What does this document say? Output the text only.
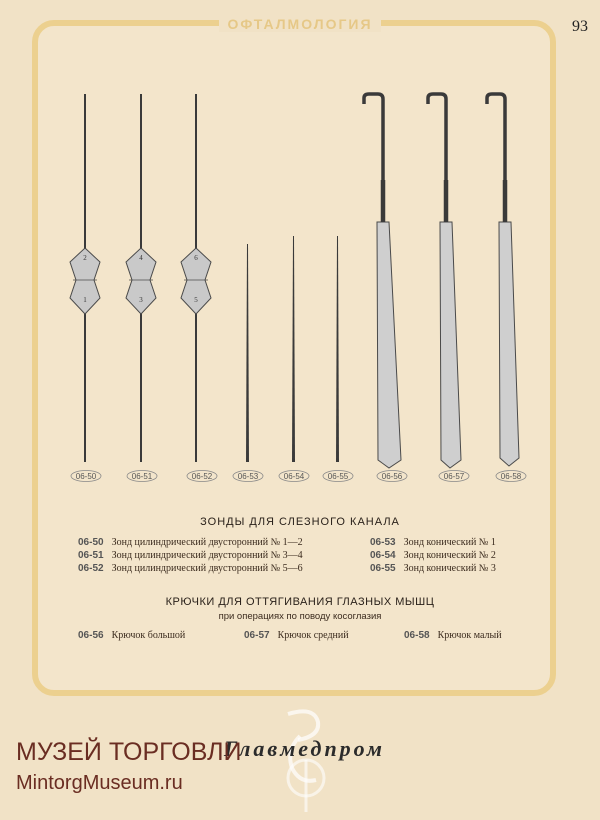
ОФТАЛМОЛОГИЯ	93
2
1
4
3
6
5
06-50	06-51	06-52	06-53	06-54	06-55	06-56	06-57	06-58
ЗОНДЫ ДЛЯ СЛЕЗНОГО КАНАЛА
06-50 Зонд цилиндрический двусторонний № 1—2
06-51 Зонд цилиндрический двусторонний № 3—4
06-52 Зонд цилиндрический двусторонний № 5—6
06-53 Зонд конический № 1
06-54 Зонд конический № 2
06-55 Зонд конический № 3
КРЮЧКИ ДЛЯ ОТТЯГИВАНИЯ ГЛАЗНЫХ МЫШЦ
при операциях по поводу косоглазия
06-56 Крючок большой	06-57 Крючок средний	06-58 Крючок малый
Главмедпром
МУЗЕЙ ТОРГОВЛИ
MintorgMuseum.ru
